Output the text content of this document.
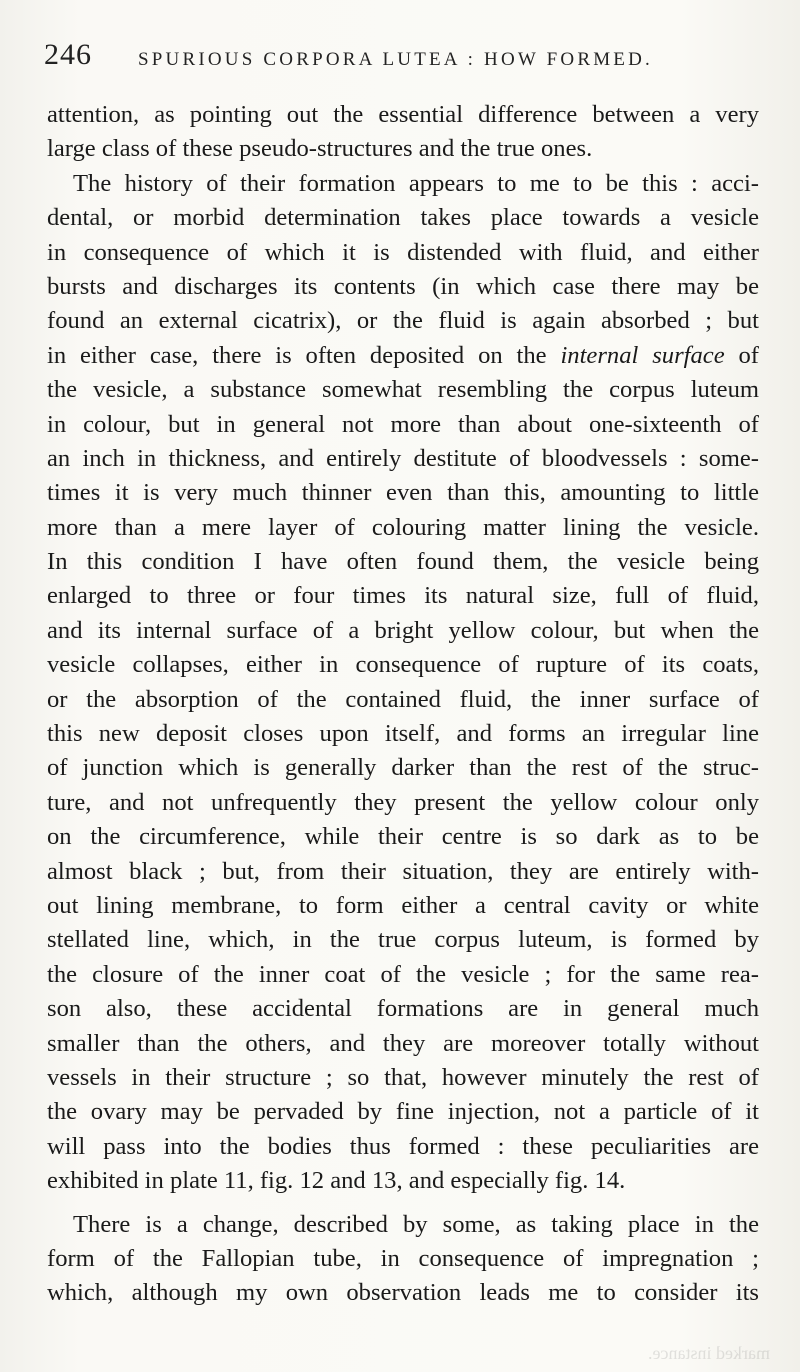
246 SPURIOUS CORPORA LUTEA : HOW FORMED.
attention, as pointing out the essential difference between a very
large class of these pseudo-structures and the true ones.
The history of their formation appears to me to be this : acci-
dental, or morbid determination takes place towards a vesicle
in consequence of which it is distended with fluid, and either
bursts and discharges its contents (in which case there may be
found an external cicatrix), or the fluid is again absorbed ; but
in either case, there is often deposited on the internal surface of
the vesicle, a substance somewhat resembling the corpus luteum
in colour, but in general not more than about one-sixteenth of
an inch in thickness, and entirely destitute of bloodvessels : some-
times it is very much thinner even than this, amounting to little
more than a mere layer of colouring matter lining the vesicle.
In this condition I have often found them, the vesicle being
enlarged to three or four times its natural size, full of fluid,
and its internal surface of a bright yellow colour, but when the
vesicle collapses, either in consequence of rupture of its coats,
or the absorption of the contained fluid, the inner surface of
this new deposit closes upon itself, and forms an irregular line
of junction which is generally darker than the rest of the struc-
ture, and not unfrequently they present the yellow colour only
on the circumference, while their centre is so dark as to be
almost black ; but, from their situation, they are entirely with-
out lining membrane, to form either a central cavity or white
stellated line, which, in the true corpus luteum, is formed by
the closure of the inner coat of the vesicle ; for the same rea-
son also, these accidental formations are in general much
smaller than the others, and they are moreover totally without
vessels in their structure ; so that, however minutely the rest of
the ovary may be pervaded by fine injection, not a particle of it
will pass into the bodies thus formed : these peculiarities are
exhibited in plate 11, fig. 12 and 13, and especially fig. 14.
There is a change, described by some, as taking place in the
form of the Fallopian tube, in consequence of impregnation ;
which, although my own observation leads me to consider its
marked instance.
